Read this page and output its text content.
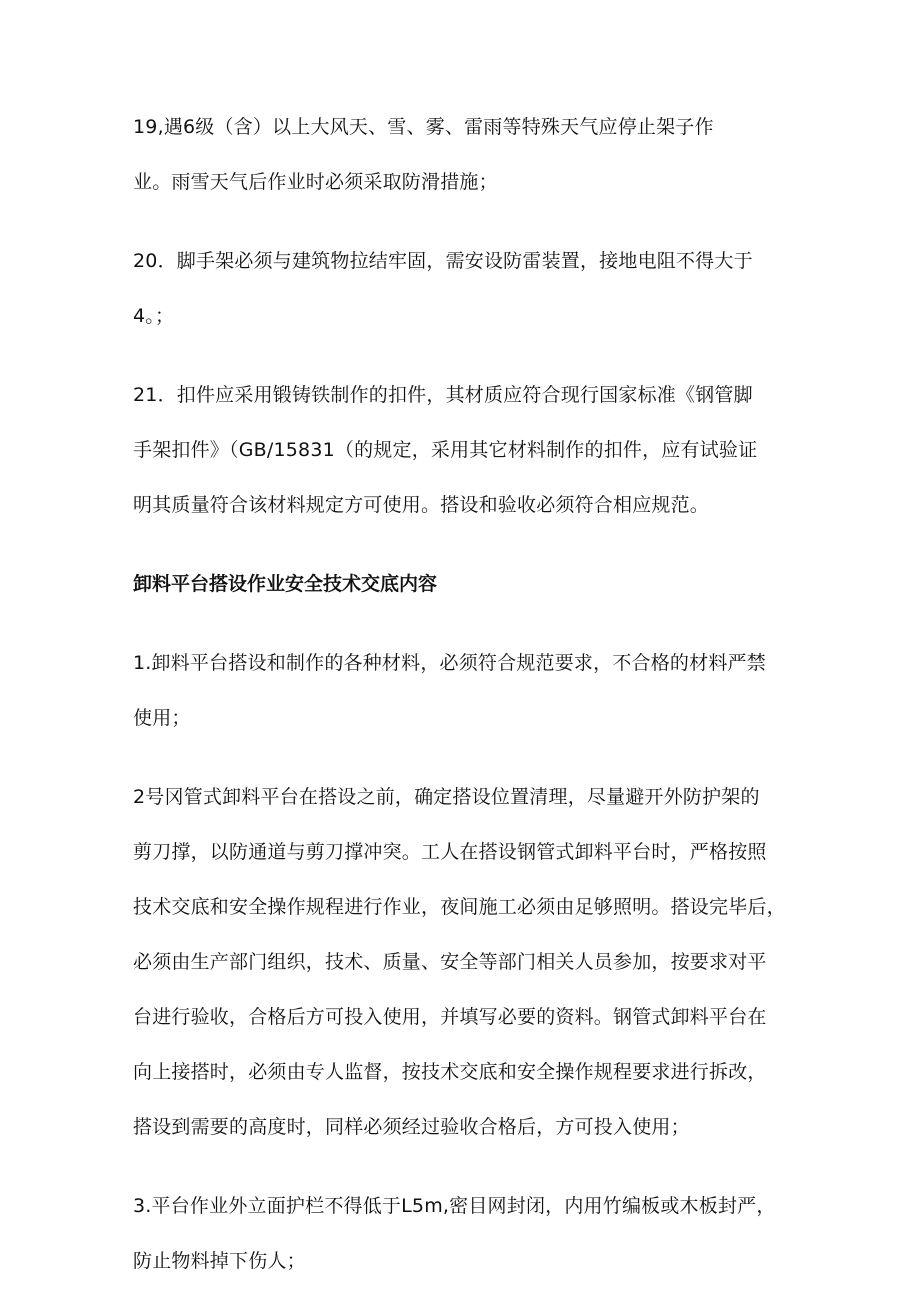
19,遇6级（含）以上大风天、雪、雾、雷雨等特殊天气应停止架子作
业。雨雪天气后作业时必须采取防滑措施；

20．脚手架必须与建筑物拉结牢固，需安设防雷装置，接地电阻不得大于
4。；

21．扣件应采用锻铸铁制作的扣件，其材质应符合现行国家标准《钢管脚
手架扣件》（GB/15831（的规定，采用其它材料制作的扣件，应有试验证
明其质量符合该材料规定方可使用。搭设和验收必须符合相应规范。

卸料平台搭设作业安全技术交底内容

1.卸料平台搭设和制作的各种材料，必须符合规范要求，不合格的材料严禁
使用；

2号冈管式卸料平台在搭设之前，确定搭设位置清理，尽量避开外防护架的
剪刀撑，以防通道与剪刀撑冲突。工人在搭设钢管式卸料平台时，严格按照
技术交底和安全操作规程进行作业，夜间施工必须由足够照明。搭设完毕后，
必须由生产部门组织，技术、质量、安全等部门相关人员参加，按要求对平
台进行验收，合格后方可投入使用，并填写必要的资料。钢管式卸料平台在
向上接搭时，必须由专人监督，按技术交底和安全操作规程要求进行拆改，
搭设到需要的高度时，同样必须经过验收合格后，方可投入使用；

3.平台作业外立面护栏不得低于L5m,密目网封闭，内用竹编板或木板封严，
防止物料掉下伤人；
